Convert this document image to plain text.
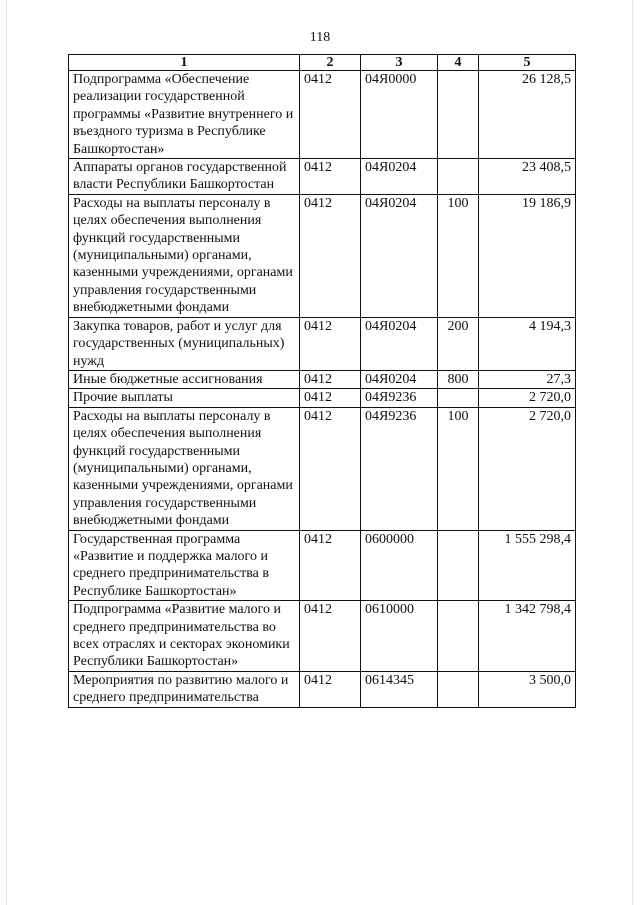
118
1	2	3	4	5
Подпрограмма «Обеспечение реализации государственной программы «Развитие внутреннего и въездного туризма в Республике Башкортостан»	0412	04Я0000		26 128,5
Аппараты органов государственной власти Республики Башкортостан	0412	04Я0204		23 408,5
Расходы на выплаты персоналу в целях обеспечения выполнения функций государственными (муниципальными) органами, казенными учреждениями, органами управления государственными внебюджетными фондами	0412	04Я0204	100	19 186,9
Закупка товаров, работ и услуг для государственных (муниципальных) нужд	0412	04Я0204	200	4 194,3
Иные бюджетные ассигнования	0412	04Я0204	800	27,3
Прочие выплаты	0412	04Я9236		2 720,0
Расходы на выплаты персоналу в целях обеспечения выполнения функций государственными (муниципальными) органами, казенными учреждениями, органами управления государственными внебюджетными фондами	0412	04Я9236	100	2 720,0
Государственная программа «Развитие и поддержка малого и среднего предпринимательства в Республике Башкортостан»	0412	0600000		1 555 298,4
Подпрограмма «Развитие малого и среднего предпринимательства во всех отраслях и секторах экономики Республики Башкортостан»	0412	0610000		1 342 798,4
Мероприятия по развитию малого и среднего предпринимательства	0412	0614345		3 500,0
